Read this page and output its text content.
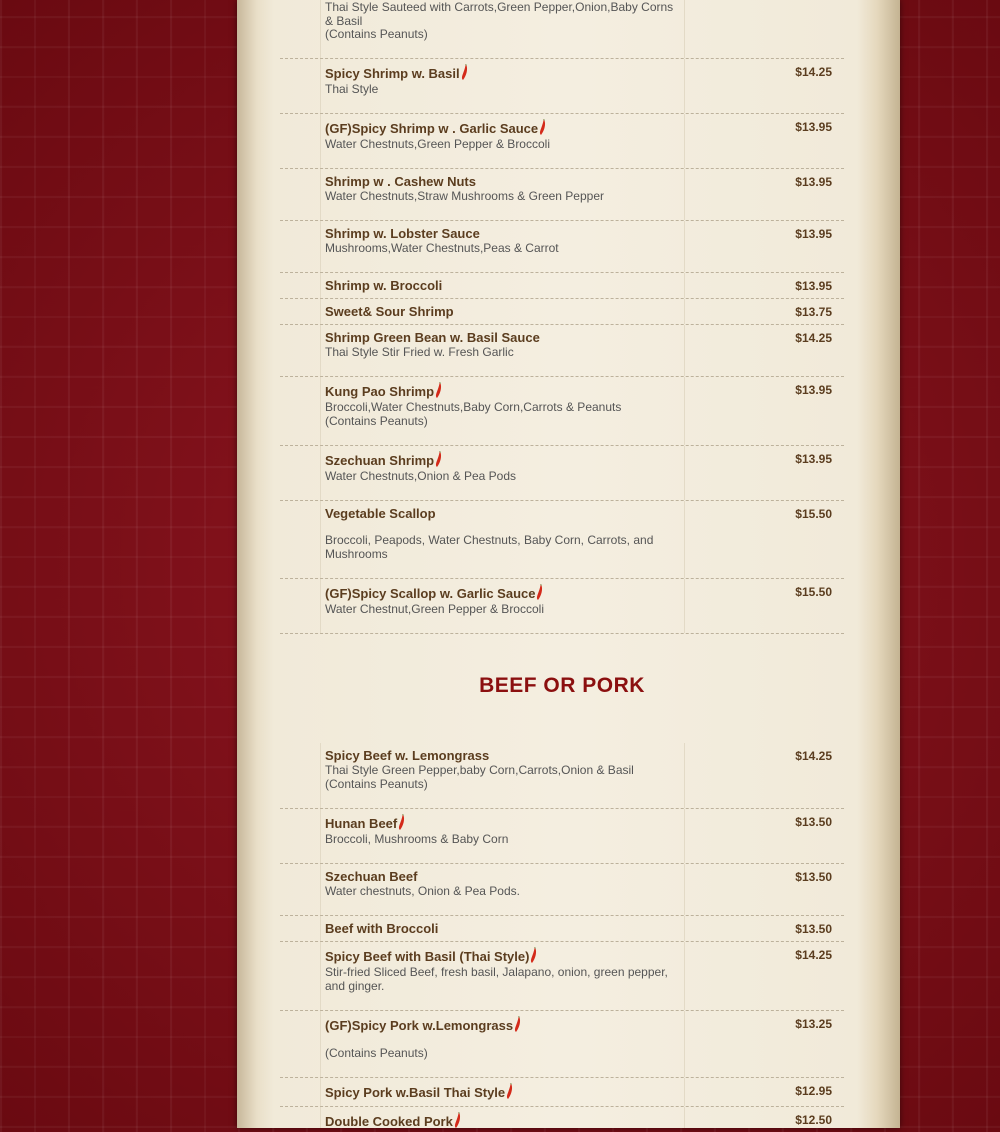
Thai Style Sauteed with Carrots,Green Pepper,Onion,Baby Corns & Basil
(Contains Peanuts)
Spicy Shrimp w. Basil
Thai Style
$14.25
(GF)Spicy Shrimp w . Garlic Sauce
Water Chestnuts,Green Pepper & Broccoli
$13.95
Shrimp w . Cashew Nuts
Water Chestnuts,Straw Mushrooms & Green Pepper
$13.95
Shrimp w. Lobster Sauce
Mushrooms,Water Chestnuts,Peas & Carrot
$13.95
Shrimp w. Broccoli	$13.95
Sweet& Sour Shrimp	$13.75
Shrimp Green Bean w. Basil Sauce
Thai Style Stir Fried w. Fresh Garlic
$14.25
Kung Pao Shrimp
Broccoli,Water Chestnuts,Baby Corn,Carrots & Peanuts
(Contains Peanuts)
$13.95
Szechuan Shrimp
Water Chestnuts,Onion & Pea Pods
$13.95
Vegetable Scallop
Broccoli, Peapods, Water Chestnuts, Baby Corn, Carrots, and Mushrooms
$15.50
(GF)Spicy Scallop w. Garlic Sauce
Water Chestnut,Green Pepper & Broccoli
$15.50
BEEF OR PORK
Spicy Beef w. Lemongrass
Thai Style Green Pepper,baby Corn,Carrots,Onion & Basil
(Contains Peanuts)
$14.25
Hunan Beef
Broccoli, Mushrooms & Baby Corn
$13.50
Szechuan Beef
Water chestnuts, Onion & Pea Pods.
$13.50
Beef with Broccoli	$13.50
Spicy Beef with Basil (Thai Style)
Stir-fried Sliced Beef, fresh basil, Jalapano, onion, green pepper, and ginger.
$14.25
(GF)Spicy Pork w.Lemongrass
(Contains Peanuts)
$13.25
Spicy Pork w.Basil Thai Style	$12.95
Double Cooked Pork	$12.50
